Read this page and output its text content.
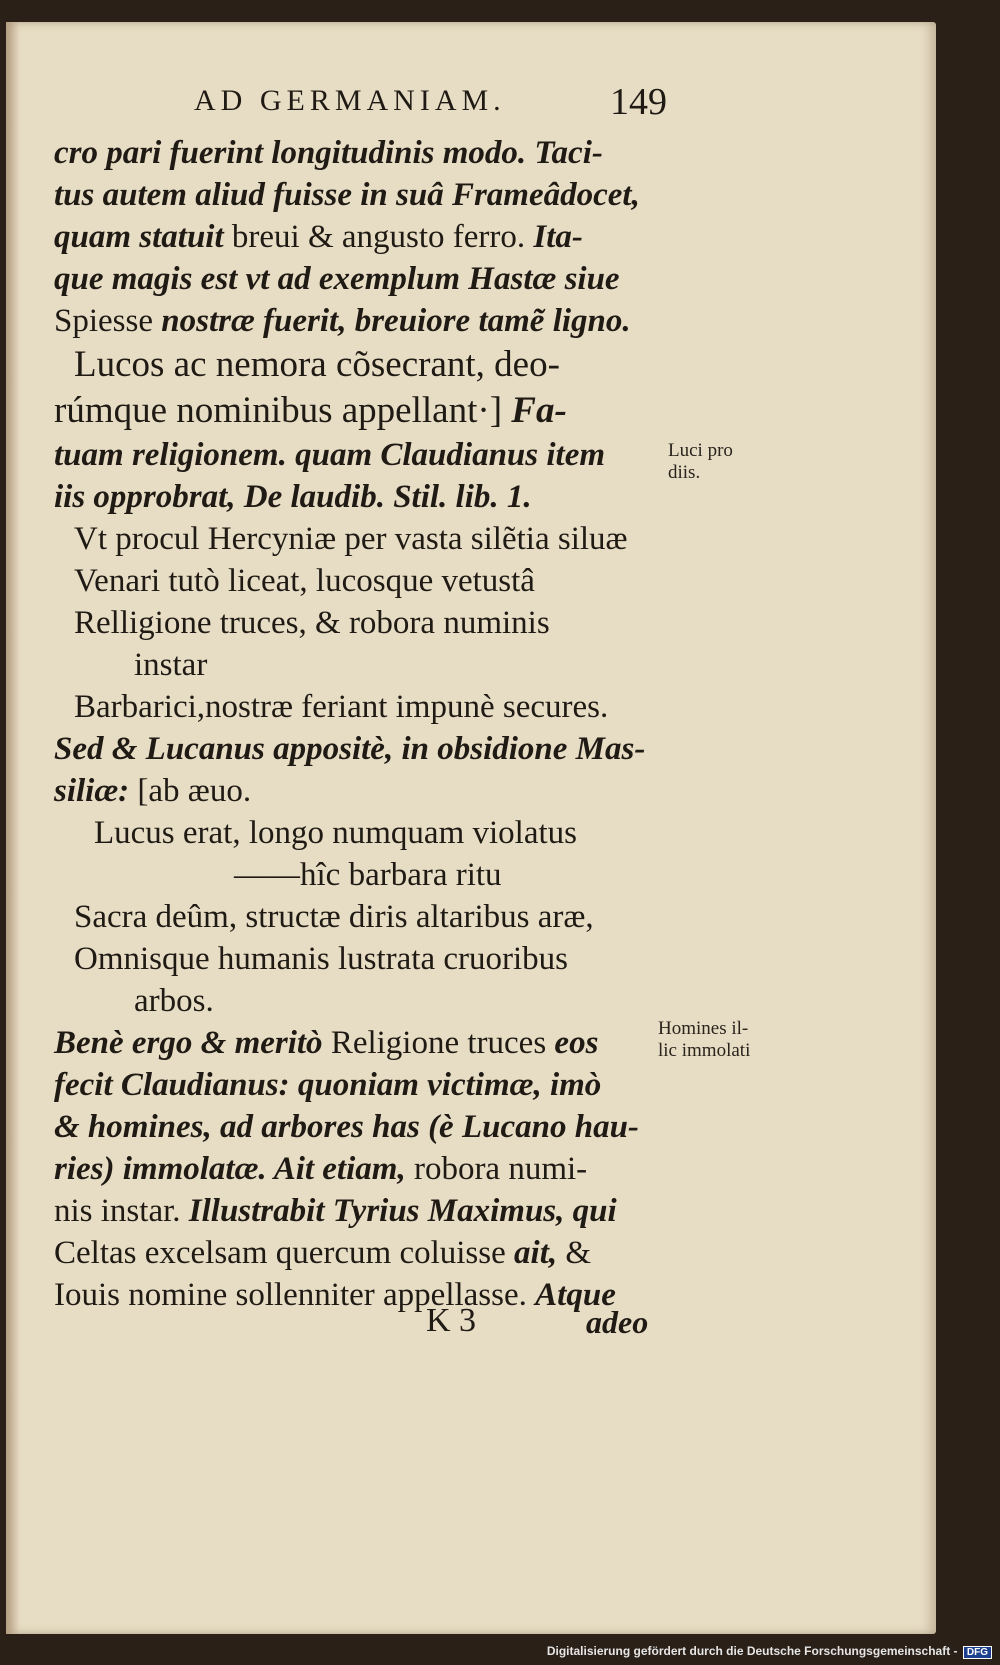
AD GERMANIAM.	149
cro pari fuerint longitudinis modo. Taci-
tus autem aliud fuisse in suâ Frameâdocet,
quam statuit breui & angusto ferro. Ita-
que magis est vt ad exemplum Hastæ siue
Spiesse nostræ fuerit, breuiore tamẽ ligno.
Lucos ac nemora cõsecrant, deo-
rúmque nominibus appellant·] Fa-
tuam religionem. quam Claudianus item
iis opprobrat, De laudib. Stil. lib. 1.
Vt procul Hercyniæ per vasta silẽtia siluæ
Venari tutò liceat, lucosque vetustâ
Relligione truces, & robora numinis
instar
Barbarici,nostræ feriant impunè secures.
Sed & Lucanus appositè, in obsidione Mas-
siliæ: [ab æuo.
Lucus erat, longo numquam violatus
——hîc barbara ritu
Sacra deûm, structæ diris altaribus aræ,
Omnisque humanis lustrata cruoribus
arbos.
Benè ergo & meritò Religione truces eos
fecit Claudianus: quoniam victimæ, imò
& homines, ad arbores has (è Lucano hau-
ries) immolatæ. Ait etiam, robora numi-
nis instar. Illustrabit Tyrius Maximus, qui
Celtas excelsam quercum coluisse ait, &
Iouis nomine sollenniter appellasse. Atque
Luci pro
diis.
Homines il-
lic immolati
K 3	adeo
Digitalisierung gefördert durch die Deutsche Forschungsgemeinschaft - DFG
